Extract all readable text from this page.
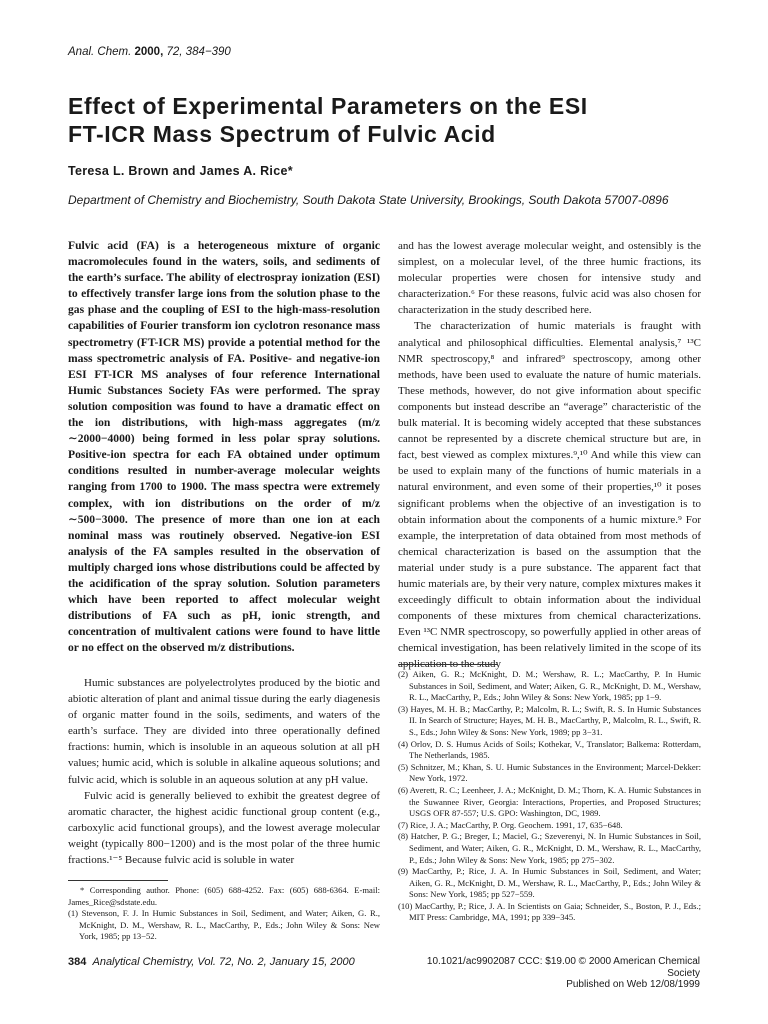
Anal. Chem. 2000, 72, 384−390
Effect of Experimental Parameters on the ESI
FT-ICR Mass Spectrum of Fulvic Acid
Teresa L. Brown and James A. Rice*
Department of Chemistry and Biochemistry, South Dakota State University, Brookings, South Dakota 57007-0896
Fulvic acid (FA) is a heterogeneous mixture of organic macromolecules found in the waters, soils, and sediments of the earth’s surface. The ability of electrospray ionization (ESI) to effectively transfer large ions from the solution phase to the gas phase and the coupling of ESI to the high-mass-resolution capabilities of Fourier transform ion cyclotron resonance mass spectrometry (FT-ICR MS) provide a potential method for the mass spectrometric analysis of FA. Positive- and negative-ion ESI FT-ICR MS analyses of four reference International Humic Substances Society FAs were performed. The spray solution composition was found to have a dramatic effect on the ion distributions, with high-mass aggregates (m/z ∼2000−4000) being formed in less polar spray solutions. Positive-ion spectra for each FA obtained under optimum conditions resulted in number-average molecular weights ranging from 1700 to 1900. The mass spectra were extremely complex, with ion distributions on the order of m/z ∼500−3000. The presence of more than one ion at each nominal mass was routinely observed. Negative-ion ESI analysis of the FA samples resulted in the observation of multiply charged ions whose distributions could be affected by the acidification of the spray solution. Solution parameters which have been reported to affect molecular weight distributions of FA such as pH, ionic strength, and concentration of multivalent cations were found to have little or no effect on the observed m/z distributions.

Humic substances are polyelectrolytes produced by the biotic and abiotic alteration of plant and animal tissue during the early diagenesis of organic matter found in the soils, sediments, and waters of the earth’s surface. They are divided into three operationally defined fractions: humin, which is insoluble in an aqueous solution at all pH values; humic acid, which is soluble in alkaline aqueous solutions; and fulvic acid, which is soluble in an aqueous solution at any pH value.

Fulvic acid is generally believed to exhibit the greatest degree of aromatic character, the highest acidic functional group content (e.g., carboxylic acid functional groups), and the lowest average molecular weight (typically 800−1200) and is the most polar of the three humic fractions.¹⁻⁵ Because fulvic acid is soluble in water

* Corresponding author. Phone: (605) 688-4252. Fax: (605) 688-6364. E-mail: James_Rice@sdstate.edu.

(1) Stevenson, F. J. In Humic Substances in Soil, Sediment, and Water; Aiken, G. R., McKnight, D. M., Wershaw, R. L., MacCarthy, P., Eds.; John Wiley & Sons: New York, 1985; pp 13−52.

and has the lowest average molecular weight, and ostensibly is the simplest, on a molecular level, of the three humic fractions, its molecular properties were chosen for intensive study and characterization.⁶ For these reasons, fulvic acid was also chosen for characterization in the study described here.

The characterization of humic materials is fraught with analytical and philosophical difficulties. Elemental analysis,⁷ ¹³C NMR spectroscopy,⁸ and infrared⁹ spectroscopy, among other methods, have been used to evaluate the nature of humic materials. These methods, however, do not give information about specific components but instead describe an “average” characteristic of the bulk material. It is becoming widely accepted that these substances cannot be represented by a discrete chemical structure but are, in fact, best viewed as complex mixtures.⁹,¹⁰ And while this view can be used to explain many of the functions of humic materials in a natural environment, and even some of their properties,¹⁰ it poses significant problems when the objective of an investigation is to obtain information about the components of a humic mixture.⁹ For example, the interpretation of data obtained from most methods of chemical characterization is based on the assumption that the material under study is a pure substance. The apparent fact that humic materials are, by their very nature, complex mixtures makes it exceedingly difficult to obtain information about the individual components of these mixtures from chemical characterizations. Even ¹³C NMR spectroscopy, so powerfully applied in other areas of chemical investigation, has been relatively limited in the scope of its application to the study

(2) Aiken, G. R.; McKnight, D. M.; Wershaw, R. L.; MacCarthy, P. In Humic Substances in Soil, Sediment, and Water; Aiken, G. R., McKnight, D. M., Wershaw, R. L., MacCarthy, P., Eds.; John Wiley & Sons: New York, 1985; pp 1−9.

(3) Hayes, M. H. B.; MacCarthy, P.; Malcolm, R. L.; Swift, R. S. In Humic Substances II. In Search of Structure; Hayes, M. H. B., MacCarthy, P., Malcolm, R. L., Swift, R. S., Eds.; John Wiley & Sons: New York, 1989; pp 3−31.

(4) Orlov, D. S. Humus Acids of Soils; Kothekar, V., Translator; Balkema: Rotterdam, The Netherlands, 1985.

(5) Schnitzer, M.; Khan, S. U. Humic Substances in the Environment; Marcel-Dekker: New York, 1972.

(6) Averett, R. C.; Leenheer, J. A.; McKnight, D. M.; Thorn, K. A. Humic Substances in the Suwannee River, Georgia: Interactions, Properties, and Proposed Structures; USGS OFR 87-557; U.S. GPO: Washington, DC, 1989.

(7) Rice, J. A.; MacCarthy, P. Org. Geochem. 1991, 17, 635−648.

(8) Hatcher, P. G.; Breger, I.; Maciel, G.; Szeverenyi, N. In Humic Substances in Soil, Sediment, and Water; Aiken, G. R., McKnight, D. M., Wershaw, R. L., MacCarthy, P., Eds.; John Wiley & Sons: New York, 1985; pp 275−302.

(9) MacCarthy, P.; Rice, J. A. In Humic Substances in Soil, Sediment, and Water; Aiken, G. R., McKnight, D. M., Wershaw, R. L., MacCarthy, P., Eds.; John Wiley & Sons: New York, 1985; pp 527−559.

(10) MacCarthy, P.; Rice, J. A. In Scientists on Gaia; Schneider, S., Boston, P. J., Eds.; MIT Press: Cambridge, MA, 1991; pp 339−345.

384 Analytical Chemistry, Vol. 72, No. 2, January 15, 2000	10.1021/ac9902087 CCC: $19.00 © 2000 American Chemical Society
Published on Web 12/08/1999
